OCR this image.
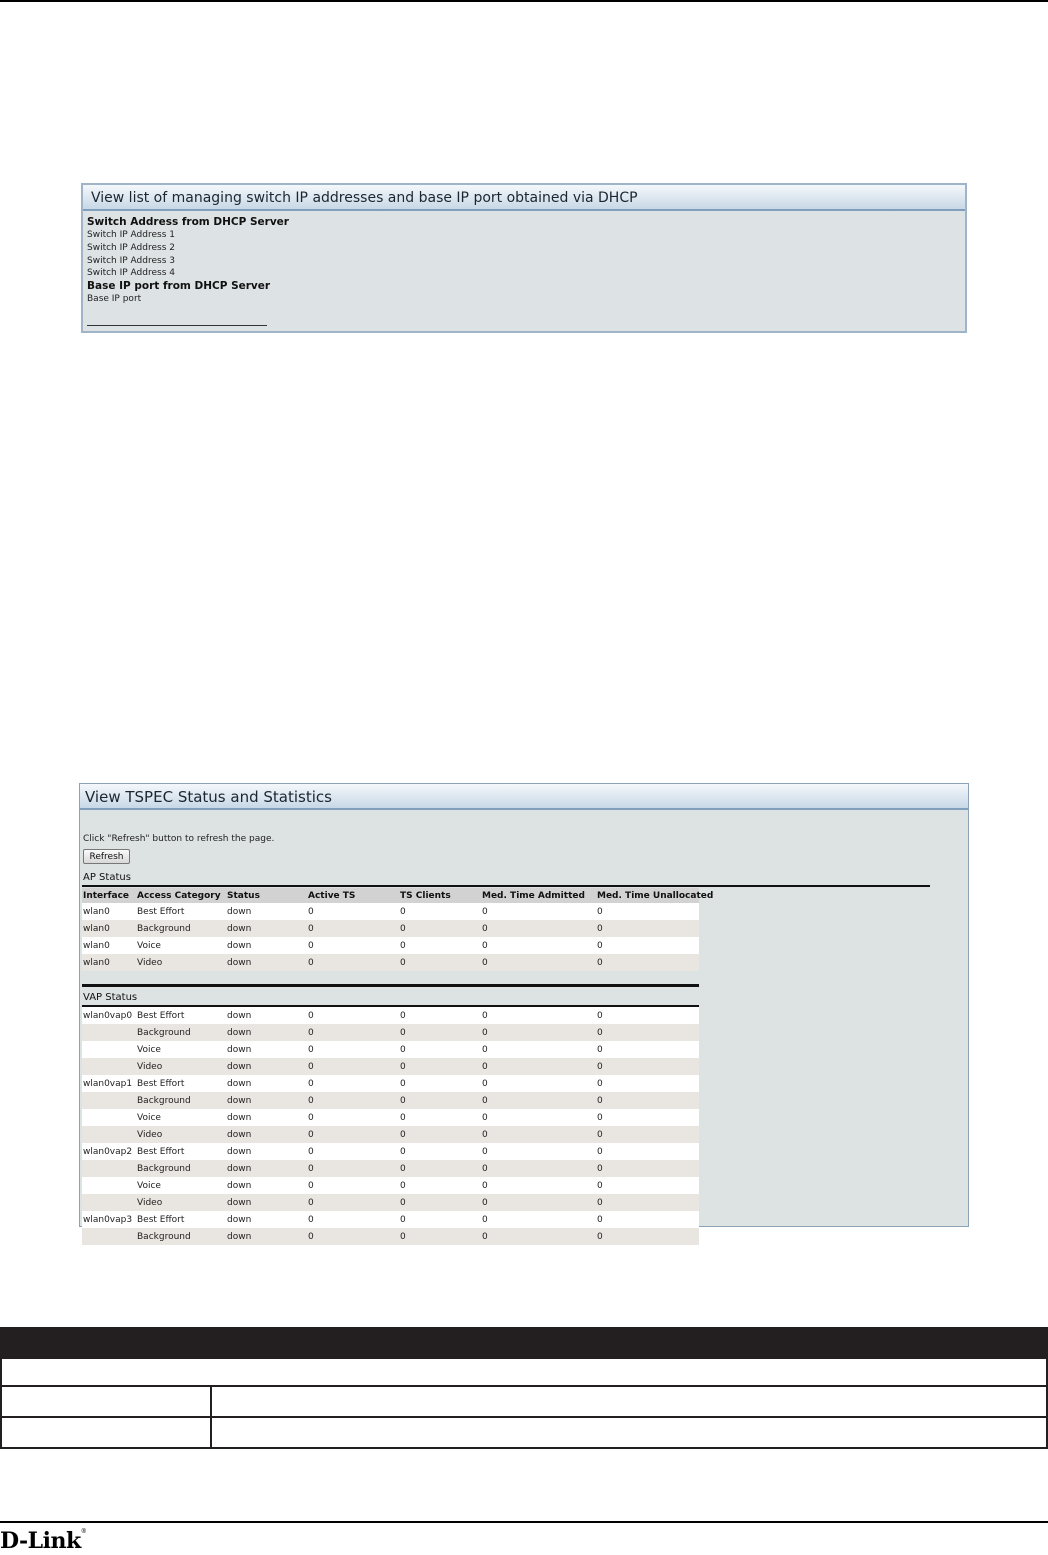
View list of managing switch IP addresses and base IP port obtained via DHCP
Switch Address from DHCP Server
Switch IP Address 1
Switch IP Address 2
Switch IP Address 3
Switch IP Address 4
Base IP port from DHCP Server
Base IP port
View TSPEC Status and Statistics
Click "Refresh" button to refresh the page.
Refresh
AP Status
Interface	Access Category	Status	Active TS	TS Clients	Med. Time Admitted	Med. Time Unallocated
wlan0	Best Effort	down	0	0	0	0
wlan0	Background	down	0	0	0	0
wlan0	Voice	down	0	0	0	0
wlan0	Video	down	0	0	0	0
VAP Status
wlan0vap0	Best Effort	down	0	0	0	0
	Background	down	0	0	0	0
	Voice	down	0	0	0	0
	Video	down	0	0	0	0
wlan0vap1	Best Effort	down	0	0	0	0
	Background	down	0	0	0	0
	Voice	down	0	0	0	0
	Video	down	0	0	0	0
wlan0vap2	Best Effort	down	0	0	0	0
	Background	down	0	0	0	0
	Voice	down	0	0	0	0
	Video	down	0	0	0	0
wlan0vap3	Best Effort	down	0	0	0	0
	Background	down	0	0	0	0
D-Link®
